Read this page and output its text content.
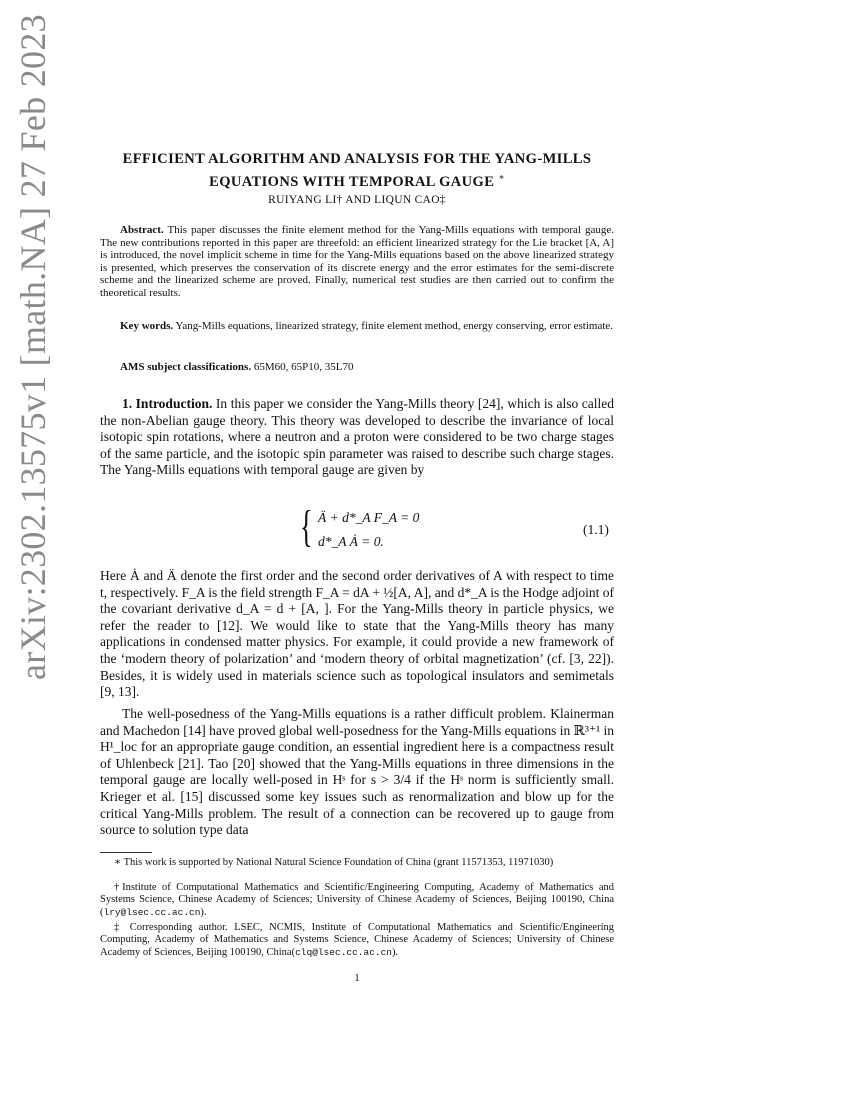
arXiv:2302.13575v1 [math.NA] 27 Feb 2023	EFFICIENT ALGORITHM AND ANALYSIS FOR THE YANG-MILLS
EQUATIONS WITH TEMPORAL GAUGE ∗
RUIYANG LI† AND LIQUN CAO‡
Abstract. This paper discusses the finite element method for the Yang-Mills equations with temporal gauge. The new contributions reported in this paper are threefold: an efficient linearized strategy for the Lie bracket [A, A] is introduced, the novel implicit scheme in time for the Yang-Mills equations based on the above linearized strategy is presented, which preserves the conservation of its discrete energy and the error estimates for the semi-discrete scheme and the linearized scheme are proved. Finally, numerical test studies are then carried out to confirm the theoretical results.
Key words. Yang-Mills equations, linearized strategy, finite element method, energy conserving, error estimate.
AMS subject classifications. 65M60, 65P10, 35L70
1. Introduction. In this paper we consider the Yang-Mills theory [24], which is also called the non-Abelian gauge theory. This theory was developed to describe the invariance of local isotopic spin rotations, where a neutron and a proton were considered to be two charge stages of the same particle, and the isotopic spin parameter was raised to describe such charge stages. The Yang-Mills equations with temporal gauge are given by
{ Ä + d*_A F_A = 0
d*_A Ȧ = 0.
(1.1)
Here Ȧ and Ä denote the first order and the second order derivatives of A with respect to time t, respectively. F_A is the field strength F_A = dA + ½[A, A], and d*_A is the Hodge adjoint of the covariant derivative d_A = d + [A, ]. For the Yang-Mills theory in particle physics, we refer the reader to [12]. We would like to state that the Yang-Mills theory has many applications in condensed matter physics. For example, it could provide a new framework of the ‘modern theory of polarization’ and ‘modern theory of orbital magnetization’ (cf. [3, 22]). Besides, it is widely used in materials science such as topological insulators and semimetals [9, 13].
The well-posedness of the Yang-Mills equations is a rather difficult problem. Klainerman and Machedon [14] have proved global well-posedness for the Yang-Mills equations in ℝ³⁺¹ in H¹_loc for an appropriate gauge condition, an essential ingredient here is a compactness result of Uhlenbeck [21]. Tao [20] showed that the Yang-Mills equations in three dimensions in the temporal gauge are locally well-posed in Hˢ for s > 3/4 if the Hˢ norm is sufficiently small. Krieger et al. [15] discussed some key issues such as renormalization and blow up for the critical Yang-Mills problem. The result of a connection can be recovered up to gauge from source to solution type data
∗ This work is supported by National Natural Science Foundation of China (grant 11571353, 11971030)
†Institute of Computational Mathematics and Scientific/Engineering Computing, Academy of Mathematics and Systems Science, Chinese Academy of Sciences; University of Chinese Academy of Sciences, Beijing 100190, China (lry@lsec.cc.ac.cn).
‡ Corresponding author. LSEC, NCMIS, Institute of Computational Mathematics and Scientific/Engineering Computing, Academy of Mathematics and Systems Science, Chinese Academy of Sciences; University of Chinese Academy of Sciences, Beijing 100190, China(clq@lsec.cc.ac.cn).
1
